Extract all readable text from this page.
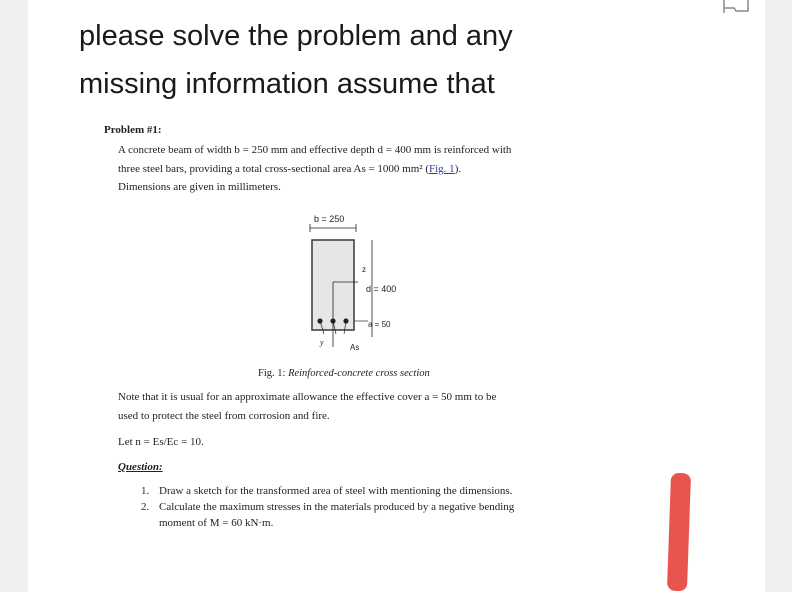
please solve the problem and any
missing information assume that
Problem #1:
A concrete beam of width b = 250 mm and effective depth d = 400 mm is reinforced with
three steel bars, providing a total cross-sectional area As = 1000 mm² (Fig. 1).
Dimensions are given in millimeters.
b = 250
z
d = 400
a = 50
y
As
Fig. 1: Reinforced-concrete cross section
Note that it is usual for an approximate allowance the effective cover a = 50 mm to be
used to protect the steel from corrosion and fire.
Let n = Es/Ec = 10.
Question:
1. Draw a sketch for the transformed area of steel with mentioning the dimensions.
2. Calculate the maximum stresses in the materials produced by a negative bending
moment of M = 60 kN·m.
